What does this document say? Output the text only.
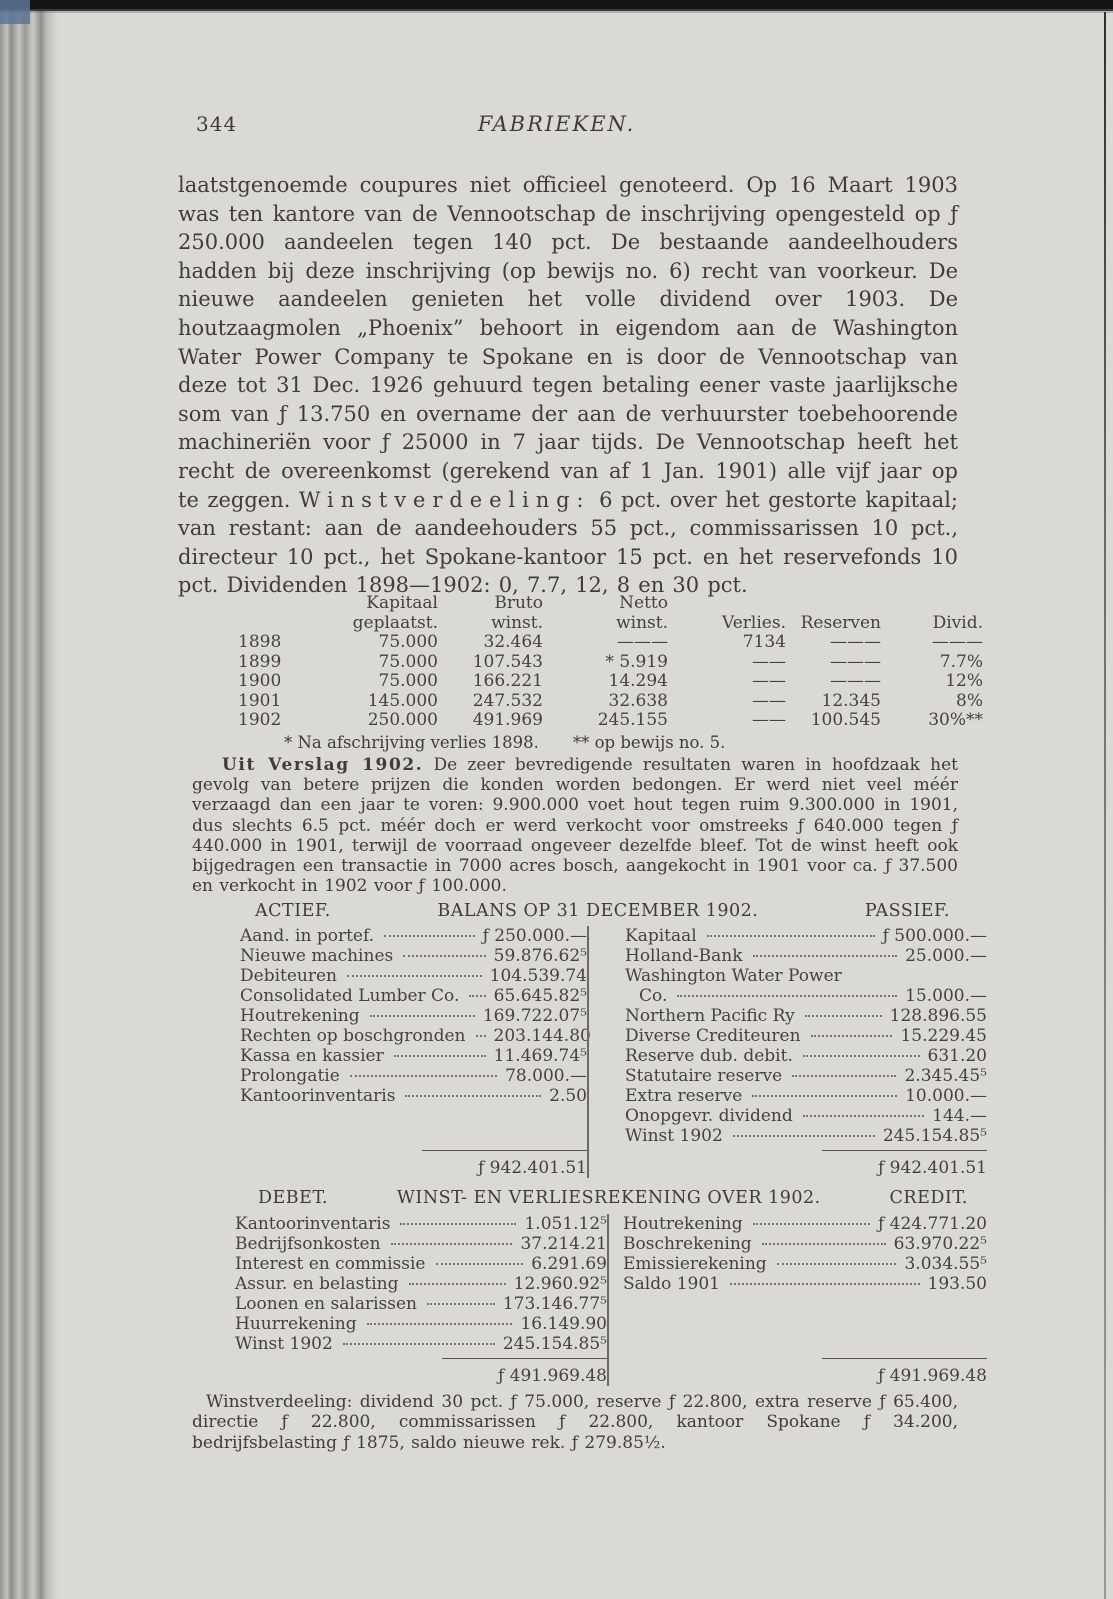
344	FABRIEKEN.
laatstgenoemde coupures niet officieel genoteerd. Op 16 Maart 1903 was ten kantore van de Vennootschap de inschrijving opengesteld op ƒ 250.000 aandeelen tegen 140 pct. De bestaande aandeelhouders hadden bij deze inschrijving (op bewijs no. 6) recht van voorkeur. De nieuwe aandeelen genieten het volle dividend over 1903. De houtzaagmolen „Phoenix” behoort in eigendom aan de Washington Water Power Company te Spokane en is door de Vennootschap van deze tot 31 Dec. 1926 gehuurd tegen betaling eener vaste jaarlijksche som van ƒ 13.750 en overname der aan de verhuurster toebehoorende machineriën voor ƒ 25000 in 7 jaar tijds. De Vennootschap heeft het recht de overeenkomst (gerekend van af 1 Jan. 1901) alle vijf jaar op te zeggen. Winstverdeeling: 6 pct. over het gestorte kapitaal; van restant: aan de aandeehouders 55 pct., commissarissen 10 pct., directeur 10 pct., het Spokane-kantoor 15 pct. en het reservefonds 10 pct. Dividenden 1898—1902: 0, 7.7, 12, 8 en 30 pct.
	Kapitaal	Bruto	Netto			
	geplaatst.	winst.	winst.	Verlies.	Reserven	Divid.
1898	75.000	32.464	———	7134	———	———
1899	75.000	107.543	* 5.919	——	———	7.7%
1900	75.000	166.221	14.294	——	———	12%
1901	145.000	247.532	32.638	——	12.345	8%
1902	250.000	491.969	245.155	——	100.545	30%**
* Na afschrijving verlies 1898. ** op bewijs no. 5.
Uit Verslag 1902. De zeer bevredigende resultaten waren in hoofdzaak het gevolg van betere prijzen die konden worden bedongen. Er werd niet veel méér verzaagd dan een jaar te voren: 9.900.000 voet hout tegen ruim 9.300.000 in 1901, dus slechts 6.5 pct. méér doch er werd verkocht voor omstreeks ƒ 640.000 tegen ƒ 440.000 in 1901, terwijl de voorraad ongeveer dezelfde bleef. Tot de winst heeft ook bijgedragen een transactie in 7000 acres bosch, aangekocht in 1901 voor ca. ƒ 37.500 en verkocht in 1902 voor ƒ 100.000.
ACTIEF.	BALANS OP 31 DECEMBER 1902.	PASSIEF.
Aand. in portef.	ƒ 250.000.—
Nieuwe machines	59.876.62⁵
Debiteuren	104.539.74
Consolidated Lumber Co. 65.645.82⁵
Houtrekening	169.722.07⁵
Rechten op boschgronden 203.144.80
Kassa en kassier	11.469.74⁵
Prolongatie	78.000.—
Kantoorinventaris	2.50
ƒ 942.401.51
Kapitaal	ƒ 500.000.—
Holland-Bank	25.000.—
Washington Water Power
Co.	15.000.—
Northern Pacific Ry	128.896.55
Diverse Crediteuren	15.229.45
Reserve dub. debit.	631.20
Statutaire reserve	2.345.45⁵
Extra reserve	10.000.—
Onopgevr. dividend	144.—
Winst 1902	245.154.85⁵
ƒ 942.401.51
DEBET.	WINST- EN VERLIESREKENING OVER 1902.	CREDIT.
Kantoorinventaris	1.051.12⁵
Bedrijfsonkosten	37.214.21
Interest en commissie	6.291.69
Assur. en belasting	12.960.92⁵
Loonen en salarissen	173.146.77⁵
Huurrekening	16.149.90
Winst 1902	245.154.85⁵
ƒ 491.969.48
Houtrekening	ƒ 424.771.20
Boschrekening	63.970.22⁵
Emissierekening	3.034.55⁵
Saldo 1901	193.50
ƒ 491.969.48
Winstverdeeling: dividend 30 pct. ƒ 75.000, reserve ƒ 22.800, extra reserve ƒ 65.400, directie ƒ 22.800, commissarissen ƒ 22.800, kantoor Spokane ƒ 34.200, bedrijfsbelasting ƒ 1875, saldo nieuwe rek. ƒ 279.85½.
